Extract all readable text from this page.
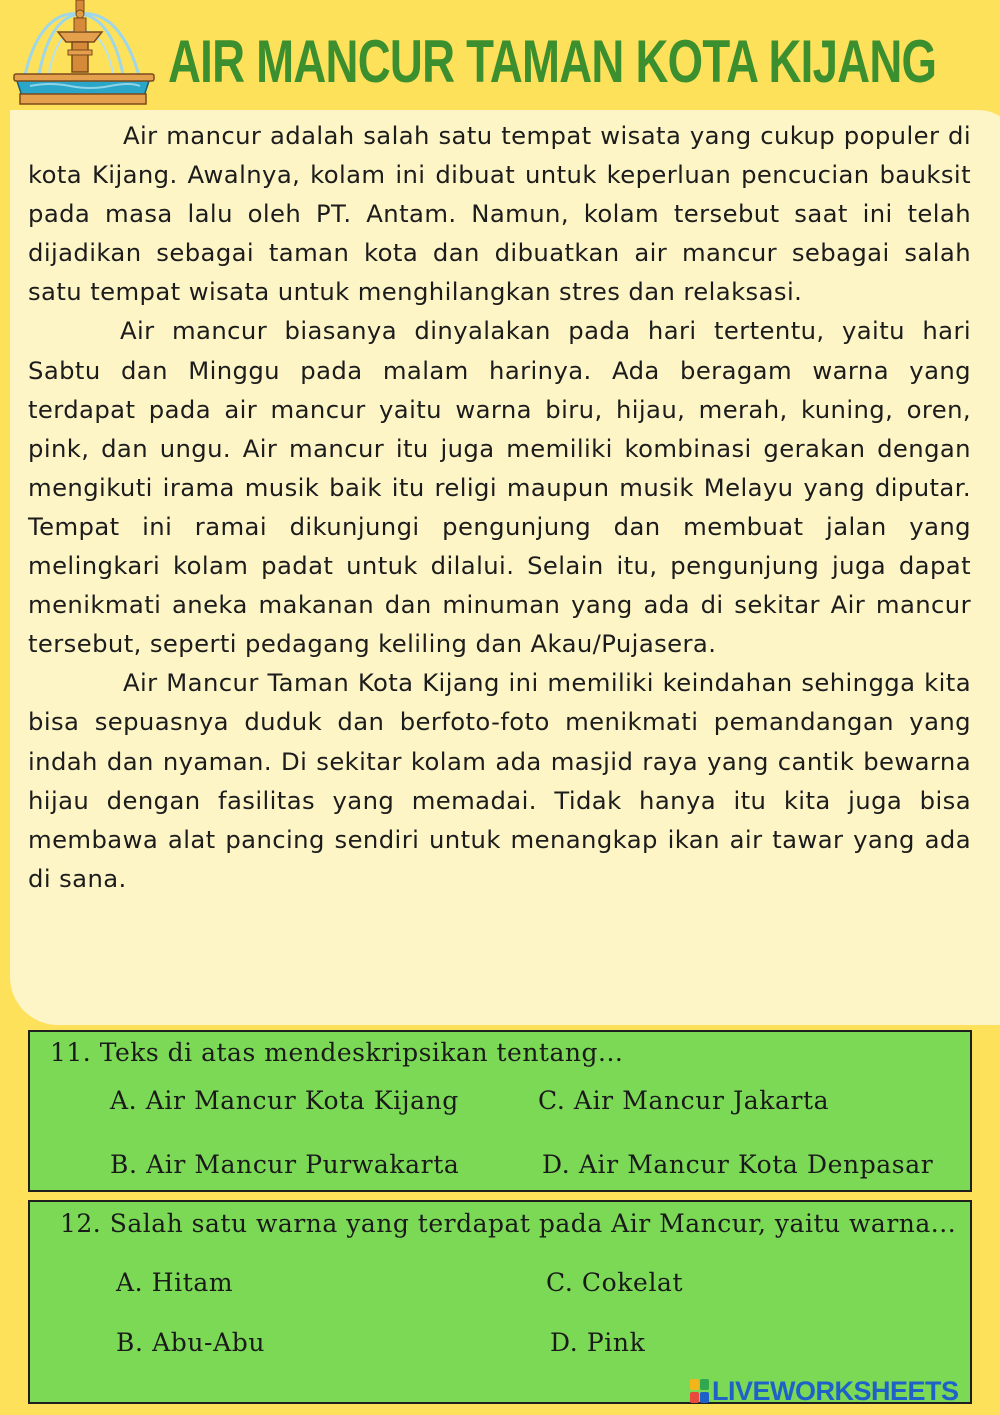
AIR MANCUR TAMAN KOTA KIJANG

Air mancur adalah salah satu tempat wisata yang cukup populer di kota Kijang. Awalnya, kolam ini dibuat untuk keperluan pencucian bauksit pada masa lalu oleh PT. Antam. Namun, kolam tersebut saat ini telah dijadikan sebagai taman kota dan dibuatkan air mancur sebagai salah satu tempat wisata untuk menghilangkan stres dan relaksasi.

Air mancur biasanya dinyalakan pada hari tertentu, yaitu hari Sabtu dan Minggu pada malam harinya. Ada beragam warna yang terdapat pada air mancur yaitu warna biru, hijau, merah, kuning, oren, pink, dan ungu. Air mancur itu juga memiliki kombinasi gerakan dengan mengikuti irama musik baik itu religi maupun musik Melayu yang diputar. Tempat ini ramai dikunjungi pengunjung dan membuat jalan yang melingkari kolam padat untuk dilalui. Selain itu, pengunjung juga dapat menikmati aneka makanan dan minuman yang ada di sekitar Air mancur tersebut, seperti pedagang keliling dan Akau/Pujasera.

Air Mancur Taman Kota Kijang ini memiliki keindahan sehingga kita bisa sepuasnya duduk dan berfoto-foto menikmati pemandangan yang indah dan nyaman. Di sekitar kolam ada masjid raya yang cantik bewarna hijau dengan fasilitas yang memadai. Tidak hanya itu kita juga bisa membawa alat pancing sendiri untuk menangkap ikan air tawar yang ada di sana.

11. Teks di atas mendeskripsikan tentang...
A. Air Mancur Kota Kijang	C. Air Mancur Jakarta
B. Air Mancur Purwakarta	D. Air Mancur Kota Denpasar
12. Salah satu warna yang terdapat pada Air Mancur, yaitu warna...
A. Hitam	C. Cokelat
B. Abu-Abu	D. Pink
LIVEWORKSHEETS
